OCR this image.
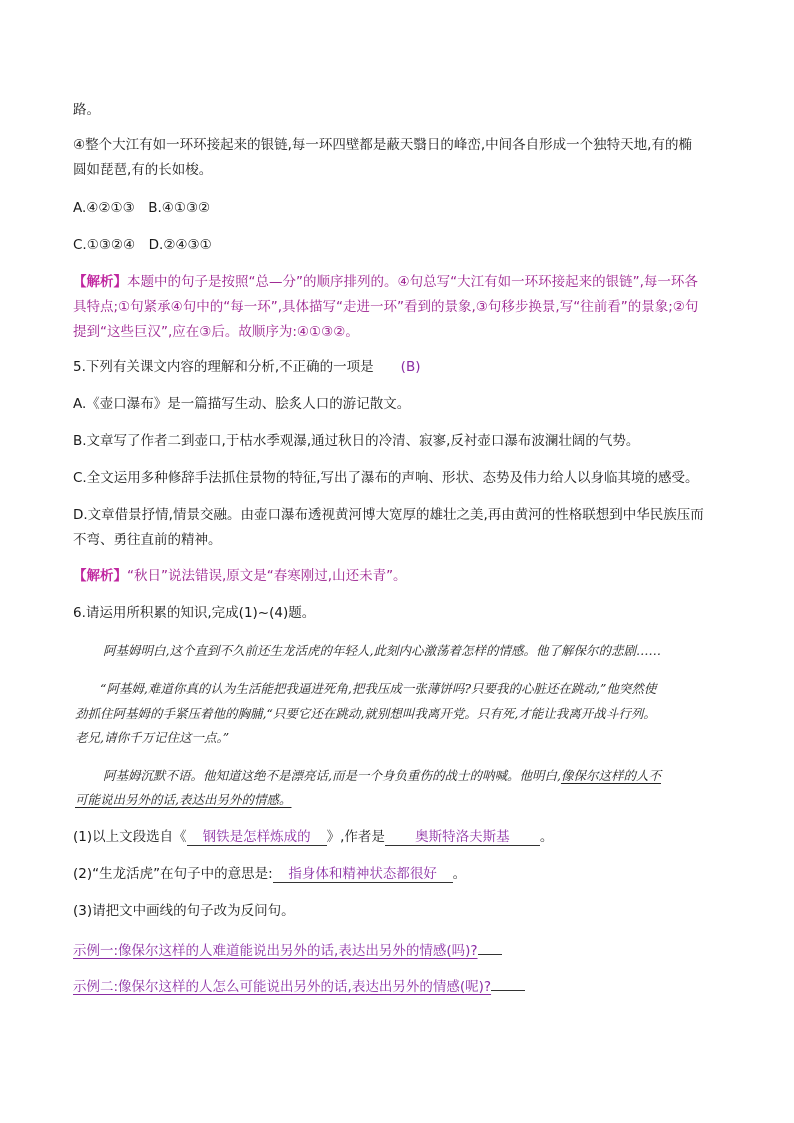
路。

④整个大江有如一环环接起来的银链,每一环四壁都是蔽天翳日的峰峦,中间各自形成一个独特天地,有的椭

圆如琵琶,有的长如梭。

A.④②①③　B.④①③②

C.①③②④　D.②④③①

【解析】本题中的句子是按照“总—分”的顺序排列的。④句总写“大江有如一环环接起来的银链”,每一环各

具特点;①句紧承④句中的“每一环”,具体描写“走进一环”看到的景象,③句移步换景,写“往前看”的景象;②句

提到“这些巨汉”,应在③后。故顺序为:④①③②。

5.下列有关课文内容的理解和分析,不正确的一项是　　(B)

A.《壶口瀑布》是一篇描写生动、脍炙人口的游记散文。

B.文章写了作者二到壶口,于枯水季观瀑,通过秋日的冷清、寂寥,反衬壶口瀑布波澜壮阔的气势。

C.全文运用多种修辞手法抓住景物的特征,写出了瀑布的声响、形状、态势及伟力给人以身临其境的感受。

D.文章借景抒情,情景交融。由壶口瀑布透视黄河博大宽厚的雄壮之美,再由黄河的性格联想到中华民族压而

不弯、勇往直前的精神。

【解析】“秋日”说法错误,原文是“春寒刚过,山还未青”。

6.请运用所积累的知识,完成(1)~(4)题。

阿基姆明白,这个直到不久前还生龙活虎的年轻人,此刻内心激荡着怎样的情感。他了解保尔的悲剧……

“阿基姆,难道你真的认为生活能把我逼进死角,把我压成一张薄饼吗?只要我的心脏还在跳动,”他突然使

劲抓住阿基姆的手紧压着他的胸脯,“只要它还在跳动,就别想叫我离开党。只有死,才能让我离开战斗行列。

老兄,请你千万记住这一点。”

阿基姆沉默不语。他知道这绝不是漂亮话,而是一个身负重伤的战士的呐喊。他明白,像保尔这样的人不

可能说出另外的话,表达出另外的情感。

(1)以上文段选自《 钢铁是怎样炼成的 》,作者是 奥斯特洛夫斯基 。

(2)“生龙活虎”在句子中的意思是: 指身体和精神状态都很好 。

(3)请把文中画线的句子改为反问句。

示例一:像保尔这样的人难道能说出另外的话,表达出另外的情感(吗)?

示例二:像保尔这样的人怎么可能说出另外的话,表达出另外的情感(呢)?
